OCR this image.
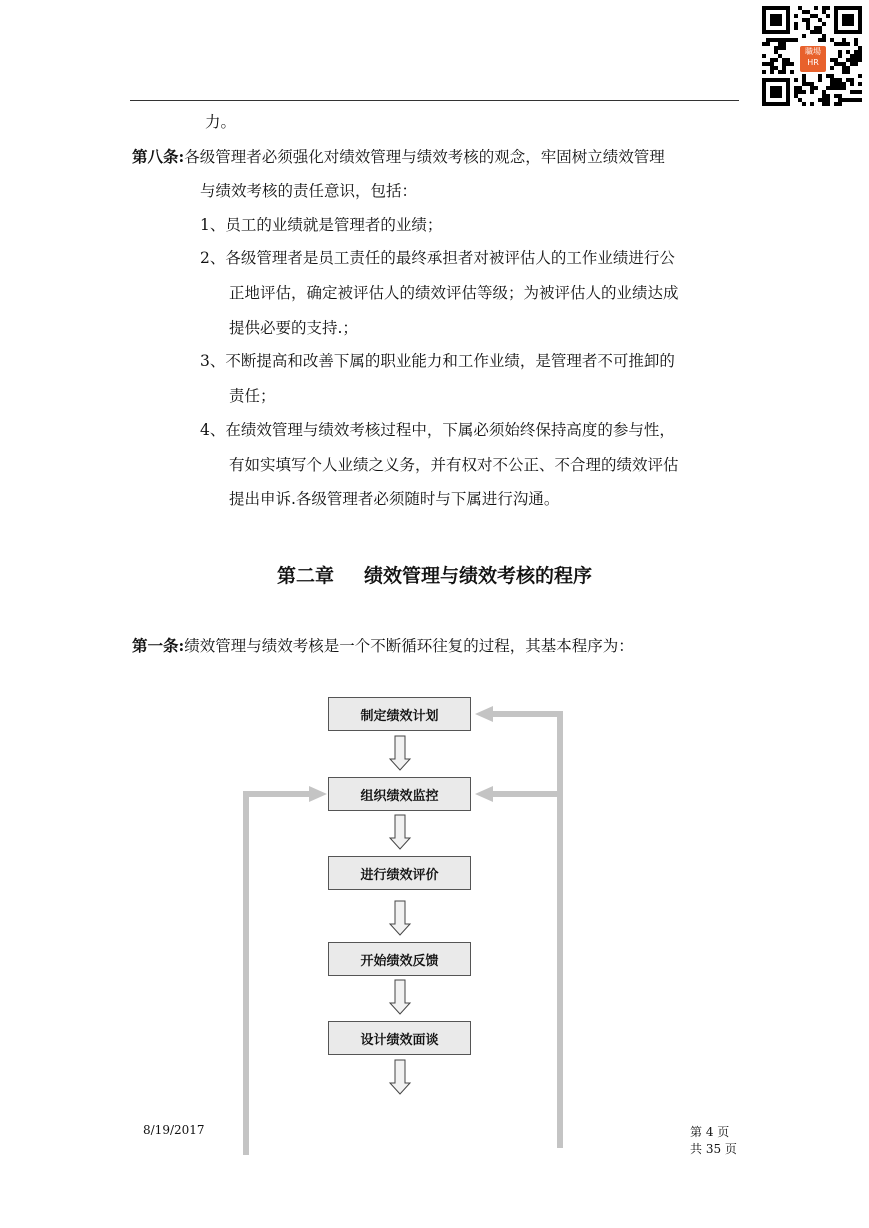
職場
HR
力。
第八条:各级管理者必须强化对绩效管理与绩效考核的观念，牢固树立绩效管理
与绩效考核的责任意识，包括：
1、员工的业绩就是管理者的业绩；
2、各级管理者是员工责任的最终承担者对被评估人的工作业绩进行公
正地评估，确定被评估人的绩效评估等级；为被评估人的业绩达成
提供必要的支持.；
3、不断提高和改善下属的职业能力和工作业绩，是管理者不可推卸的
责任；
4、在绩效管理与绩效考核过程中，下属必须始终保持高度的参与性，
有如实填写个人业绩之义务，并有权对不公正、不合理的绩效评估
提出申诉.各级管理者必须随时与下属进行沟通。
第二章 绩效管理与绩效考核的程序
第一条:绩效管理与绩效考核是一个不断循环往复的过程，其基本程序为：
制定绩效计划
组织绩效监控
进行绩效评价
开始绩效反馈
设计绩效面谈
8/19/2017	第 4 页
共 35 页
